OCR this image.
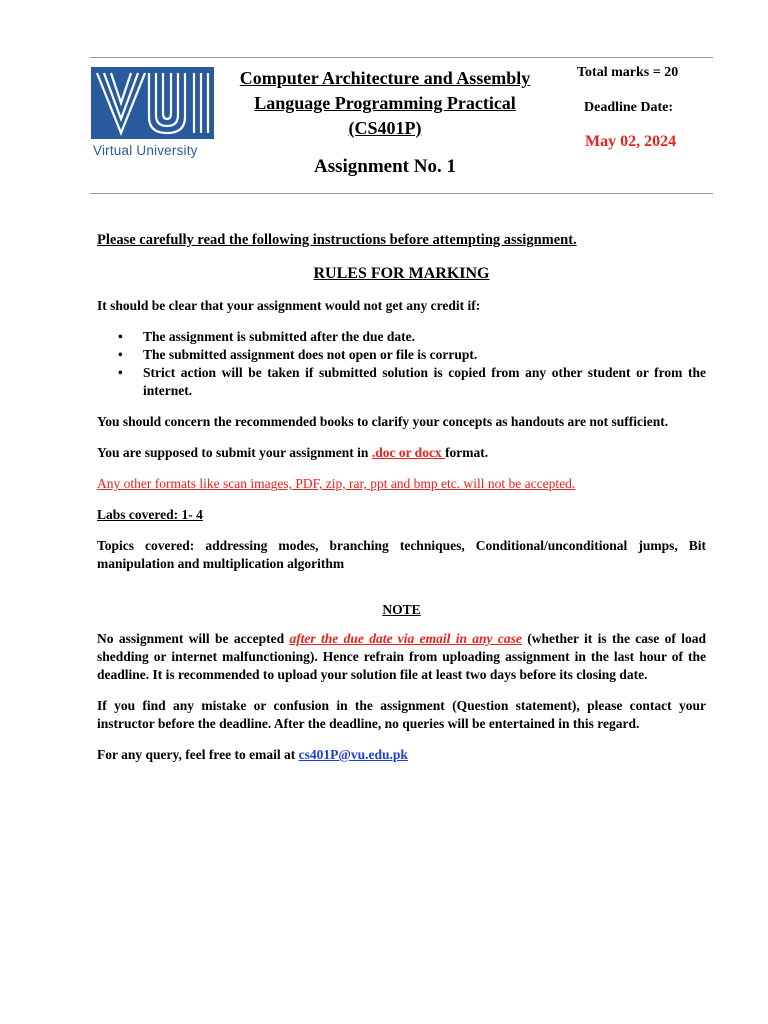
Virtual University
Computer Architecture and Assembly
Language Programming Practical
(CS401P)
Assignment No. 1
Total marks = 20
Deadline Date:
May 02, 2024
Please carefully read the following instructions before attempting assignment.
RULES FOR MARKING

It should be clear that your assignment would not get any credit if:

• The assignment is submitted after the due date.
• The submitted assignment does not open or file is corrupt.
• Strict action will be taken if submitted solution is copied from any other student or from the internet.

You should concern the recommended books to clarify your concepts as handouts are not sufficient.

You are supposed to submit your assignment in .doc or docx format.

Any other formats like scan images, PDF, zip, rar, ppt and bmp etc. will not be accepted.

Labs covered: 1- 4

Topics covered: addressing modes, branching techniques, Conditional/unconditional jumps, Bit manipulation and multiplication algorithm

NOTE

No assignment will be accepted after the due date via email in any case (whether it is the case of load shedding or internet malfunctioning). Hence refrain from uploading assignment in the last hour of the deadline. It is recommended to upload your solution file at least two days before its closing date.

If you find any mistake or confusion in the assignment (Question statement), please contact your instructor before the deadline. After the deadline, no queries will be entertained in this regard.

For any query, feel free to email at cs401P@vu.edu.pk
